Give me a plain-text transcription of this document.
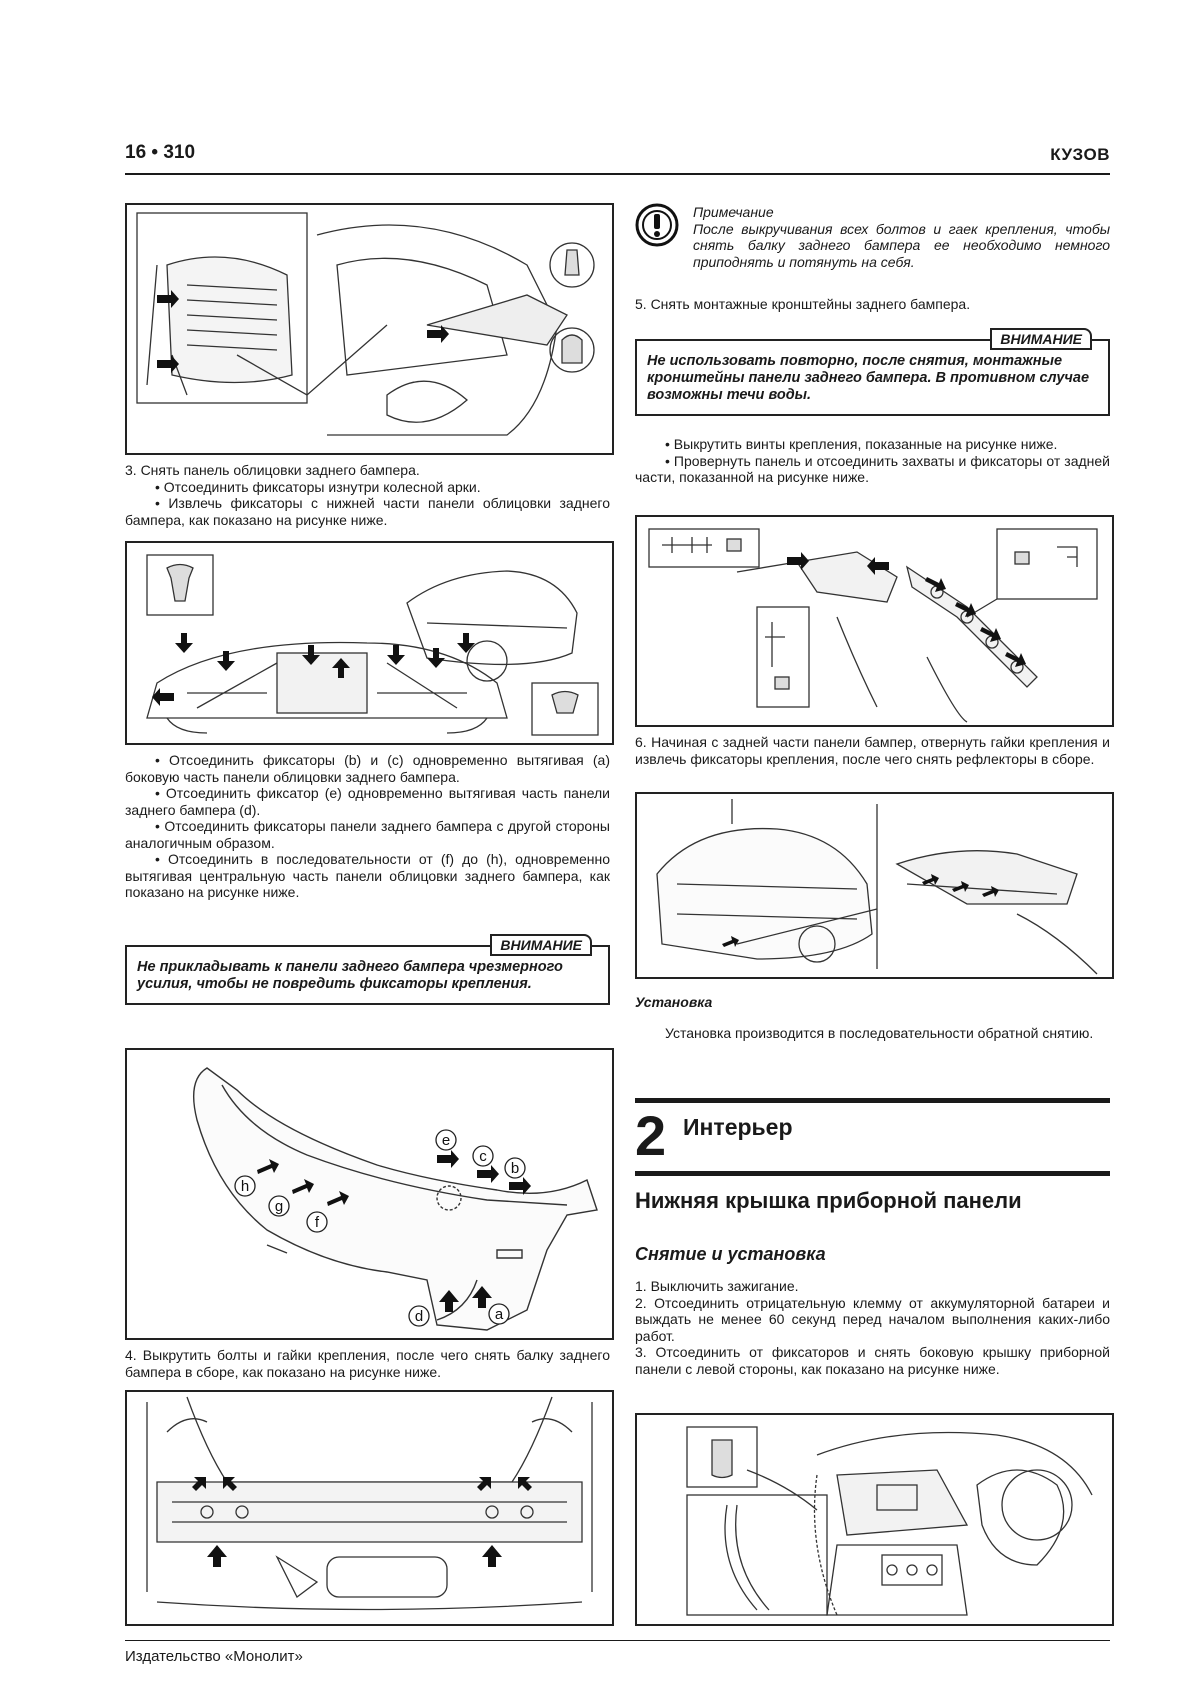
16 • 310	КУЗОВ

3. Снять панель облицовки заднего бампера.

• Отсоединить фиксаторы изнутри колесной арки.

• Извлечь фиксаторы с нижней части панели облицовки заднего бампера, как показано на рисунке ниже.

• Отсоединить фиксаторы (b) и (c) одновременно вытягивая (a) боковую часть панели облицовки заднего бампера.

• Отсоединить фиксатор (e) одновременно вытягивая часть панели заднего бампера (d).

• Отсоединить фиксаторы панели заднего бампера с другой стороны аналогичным образом.

• Отсоединить в последовательности от (f) до (h), одновременно вытягивая центральную часть панели облицовки заднего бампера, как показано на рисунке ниже.

ВНИМАНИЕ
Не прикладывать к панели заднего бампера чрезмерного усилия, чтобы не повредить фиксаторы крепления.
e
c
b
h
g
f
d	a

4. Выкрутить болты и гайки крепления, после чего снять балку заднего бампера в сборе, как показано на рисунке ниже.

Примечание

После выкручивания всех болтов и гаек крепления, чтобы снять балку заднего бампера ее необходимо немного приподнять и потянуть на себя.

5. Снять монтажные кронштейны заднего бампера.

ВНИМАНИЕ
Не использовать повторно, после снятия, монтажные кронштейны панели заднего бампера. В противном случае возможны течи воды.

• Выкрутить винты крепления, показанные на рисунке ниже.

• Провернуть панель и отсоединить захваты и фиксаторы от задней части, показанной на рисунке ниже.

6. Начиная с задней части панели бампер, отвернуть гайки крепления и извлечь фиксаторы крепления, после чего снять рефлекторы в сборе.

Установка

Установка производится в последовательности обратной снятию.

2 Интерьер
Нижняя крышка приборной панели
Снятие и установка

1. Выключить зажигание.

2. Отсоединить отрицательную клемму от аккумуляторной батареи и выждать не менее 60 секунд перед началом выполнения каких-либо работ.

3. Отсоединить от фиксаторов и снять боковую крышку приборной панели с левой стороны, как показано на рисунке ниже.

Издательство «Монолит»
